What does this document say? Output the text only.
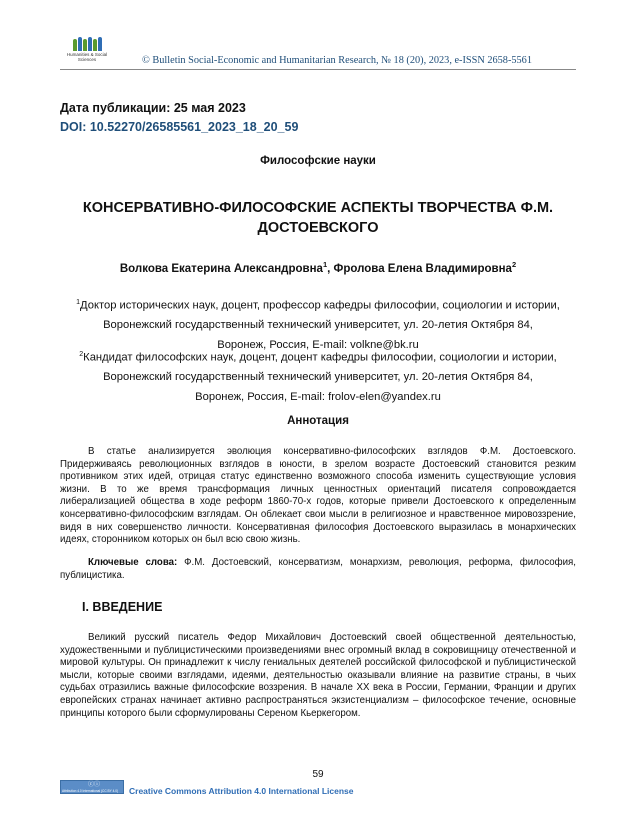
Humanities & Social
Sciences	© Bulletin Social-Economic and Humanitarian Research, № 18 (20), 2023, e-ISSN 2658-5561
Дата публикации: 25 мая 2023
DOI: 10.52270/26585561_2023_18_20_59
Философские науки
КОНСЕРВАТИВНО-ФИЛОСОФСКИЕ АСПЕКТЫ ТВОРЧЕСТВА Ф.М.
ДОСТОЕВСКОГО
Волкова Екатерина Александровна$^1$, Фролова Елена Владимировна$^2$
$^1$Доктор исторических наук, доцент, профессор кафедры философии, социологии и истории,
Воронежский государственный технический университет, ул. 20-летия Октября 84,
Воронеж, Россия, E-mail: volkne@bk.ru
$^2$Кандидат философских наук, доцент, доцент кафедры философии, социологии и истории,
Воронежский государственный технический университет, ул. 20-летия Октября 84,
Воронеж, Россия, E-mail: frolov-elen@yandex.ru
Аннотация

В статье анализируется эволюция консервативно-философских взглядов Ф.М. Достоевского. Придерживаясь революционных взглядов в юности, в зрелом возрасте Достоевский становится резким противником этих идей, отрицая статус единственно возможного способа изменить существующие условия жизни. В то же время трансформация личных ценностных ориентаций писателя сопровождается либерализацией общества в ходе реформ 1860-70-х годов, которые привели Достоевского к определенным консервативно-философским взглядам. Он облекает свои мысли в религиозное и нравственное мировоззрение, видя в них совершенство личности. Консервативная философия Достоевского выразилась в монархических идеях, сторонником которых он был всю свою жизнь.

Ключевые слова: Ф.М. Достоевский, консерватизм, монархизм, революция, реформа, философия, публицистика.

I. ВВЕДЕНИЕ

Великий русский писатель Федор Михайлович Достоевский своей общественной деятельностью, художественными и публицистическими произведениями внес огромный вклад в сокровищницу отечественной и мировой культуры. Он принадлежит к числу гениальных деятелей российской философской и публицистической мысли, которые своими взглядами, идеями, деятельностью оказывали влияние на развитие страны, в чьих судьбах отразились важные философские воззрения. В начале XX века в России, Германии, Франции и других европейских странах начинает активно распространяться экзистенциализм – философское течение, основные принципы которого были сформулированы Сереном Кьеркегором.

59
ⓒⓘ
Attribution 4.0 International (CC BY 4.0) Creative Commons Attribution 4.0 International License
